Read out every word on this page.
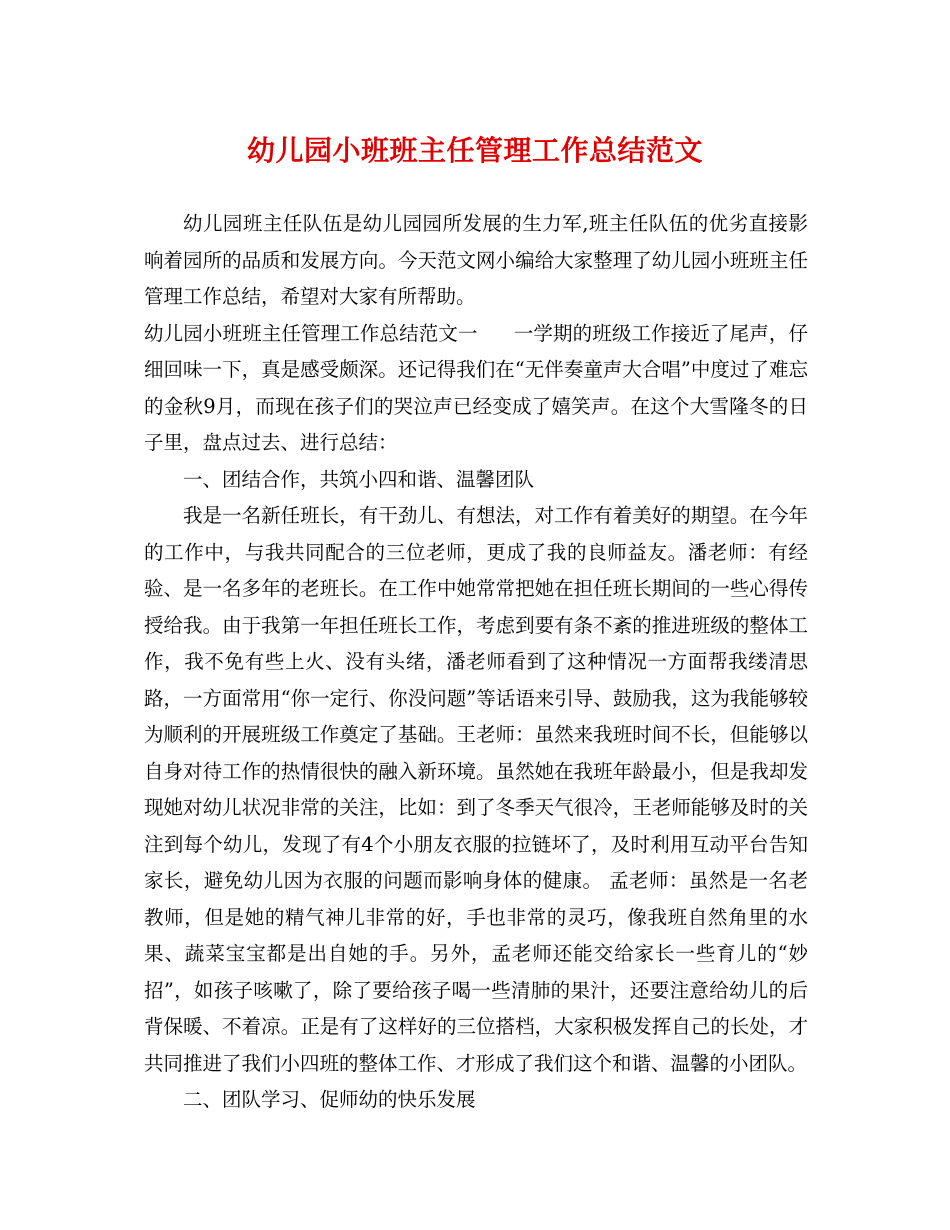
幼儿园小班班主任管理工作总结范文

幼儿园班主任队伍是幼儿园园所发展的生力军,班主任队伍的优劣直接影响着园所的品质和发展方向。今天范文网小编给大家整理了幼儿园小班班主任管理工作总结，希望对大家有所帮助。

幼儿园小班班主任管理工作总结范文一 一学期的班级工作接近了尾声，仔细回味一下，真是感受颇深。还记得我们在“无伴奏童声大合唱”中度过了难忘的金秋9月，而现在孩子们的哭泣声已经变成了嬉笑声。在这个大雪隆冬的日子里，盘点过去、进行总结：

一、团结合作，共筑小四和谐、温馨团队

我是一名新任班长，有干劲儿、有想法，对工作有着美好的期望。在今年的工作中，与我共同配合的三位老师，更成了我的良师益友。潘老师：有经验、是一名多年的老班长。在工作中她常常把她在担任班长期间的一些心得传授给我。由于我第一年担任班长工作，考虑到要有条不紊的推进班级的整体工作，我不免有些上火、没有头绪，潘老师看到了这种情况一方面帮我缕清思路，一方面常用“你一定行、你没问题”等话语来引导、鼓励我，这为我能够较为顺利的开展班级工作奠定了基础。王老师：虽然来我班时间不长，但能够以自身对待工作的热情很快的融入新环境。虽然她在我班年龄最小，但是我却发现她对幼儿状况非常的关注，比如：到了冬季天气很冷，王老师能够及时的关注到每个幼儿，发现了有4个小朋友衣服的拉链坏了，及时利用互动平台告知家长，避免幼儿因为衣服的问题而影响身体的健康。 孟老师：虽然是一名老教师，但是她的精气神儿非常的好，手也非常的灵巧，像我班自然角里的水果、蔬菜宝宝都是出自她的手。另外，孟老师还能交给家长一些育儿的“妙招”，如孩子咳嗽了，除了要给孩子喝一些清肺的果汁，还要注意给幼儿的后背保暖、不着凉。正是有了这样好的三位搭档，大家积极发挥自己的长处，才共同推进了我们小四班的整体工作、才形成了我们这个和谐、温馨的小团队。

二、团队学习、促师幼的快乐发展
